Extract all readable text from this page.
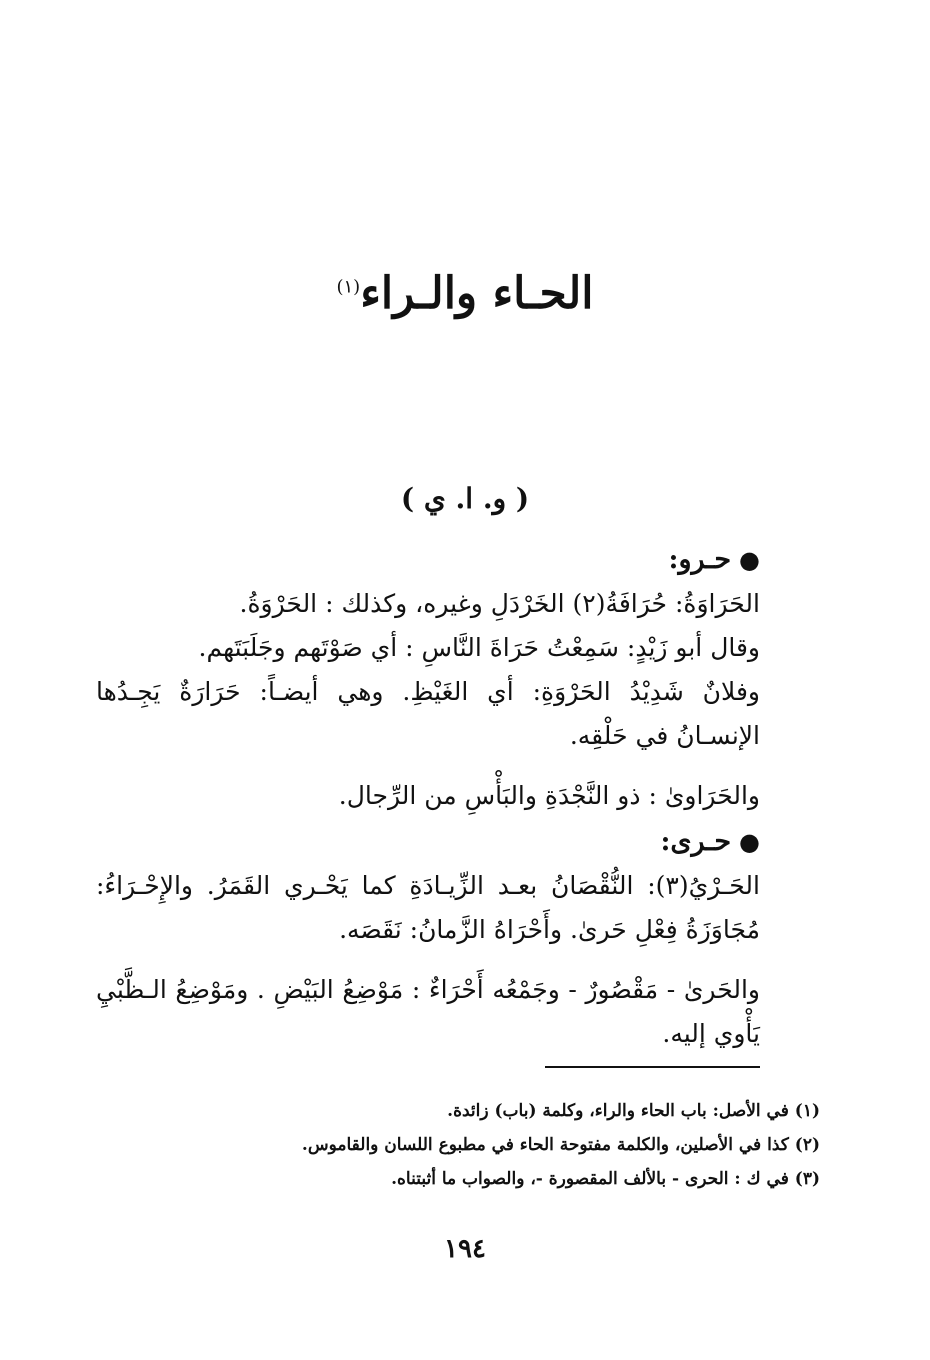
الحـاء والـراء$^{(١)}$
( و. ا. ي )
●حـرو:
الحَرَاوَةُ: حُرَافَةُ(٢) الخَرْدَلِ وغيره، وكذلك : الحَرْوَةُ.
وقال أبو زَيْدٍ: سَمِعْتُ حَرَاةَ النَّاسِ : أي صَوْتَهم وجَلَبَتَهم.
وفلانٌ شَدِيْدُ الحَرْوَةِ: أي الغَيْظِ. وهي أيضـاً: حَرَارَةٌ يَجِـدُها الإنسـانُ في حَلْقِه.
والحَرَاوىٰ : ذو النَّجْدَةِ والبَأْسِ من الرِّجال.
●حـرى:
الحَـرْيُ(٣): النُّقْصَانُ بعـد الزِّيـادَةِ كما يَحْـري القَمَرُ. والإِحْـرَاءُ: مُجَاوَزَةُ فِعْلِ حَرىٰ. وأَحْرَاهُ الزَّمانُ: نَقَصَه.
والحَرىٰ - مَقْصُورٌ - وجَمْعُه أَحْرَاءٌ : مَوْضِعُ البَيْضِ . ومَوْضِعُ الـظَّبْيِ يَأْوي إليه.
(١) في الأصل: باب الحاء والراء، وكلمة (باب) زائدة.
(٢) كذا في الأصلين، والكلمة مفتوحة الحاء في مطبوع اللسان والقاموس.
(٣) في ك : الحرى - بالألف المقصورة -، والصواب ما أثبتناه.
١٩٤
